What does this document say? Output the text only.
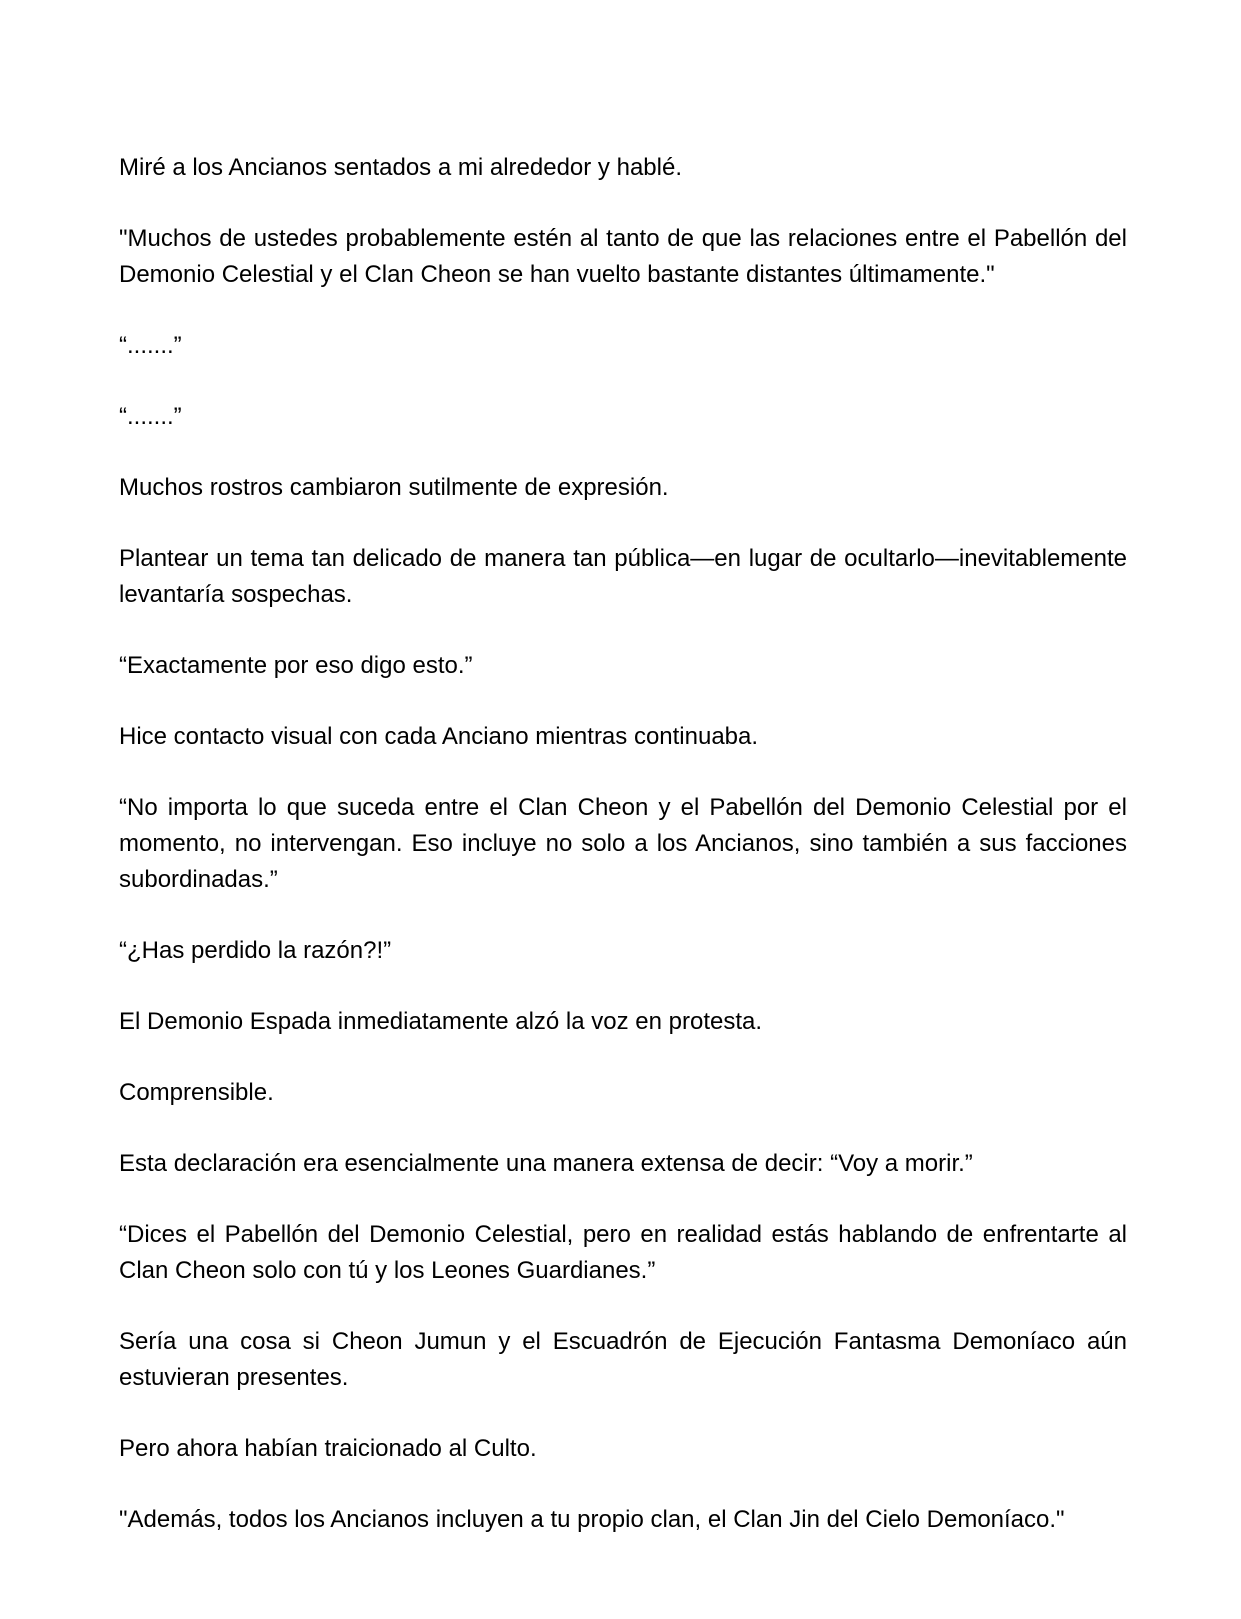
Miré a los Ancianos sentados a mi alrededor y hablé.

"Muchos de ustedes probablemente estén al tanto de que las relaciones entre el Pabellón del Demonio Celestial y el Clan Cheon se han vuelto bastante distantes últimamente."

“.......”

“.......”

Muchos rostros cambiaron sutilmente de expresión.

Plantear un tema tan delicado de manera tan pública—en lugar de ocultarlo—inevitablemente levantaría sospechas.

“Exactamente por eso digo esto.”

Hice contacto visual con cada Anciano mientras continuaba.

“No importa lo que suceda entre el Clan Cheon y el Pabellón del Demonio Celestial por el momento, no intervengan. Eso incluye no solo a los Ancianos, sino también a sus facciones subordinadas.”

“¿Has perdido la razón?!”

El Demonio Espada inmediatamente alzó la voz en protesta.

Comprensible.

Esta declaración era esencialmente una manera extensa de decir: “Voy a morir.”

“Dices el Pabellón del Demonio Celestial, pero en realidad estás hablando de enfrentarte al Clan Cheon solo con tú y los Leones Guardianes.”

Sería una cosa si Cheon Jumun y el Escuadrón de Ejecución Fantasma Demoníaco aún estuvieran presentes.

Pero ahora habían traicionado al Culto.

"Además, todos los Ancianos incluyen a tu propio clan, el Clan Jin del Cielo Demoníaco."
